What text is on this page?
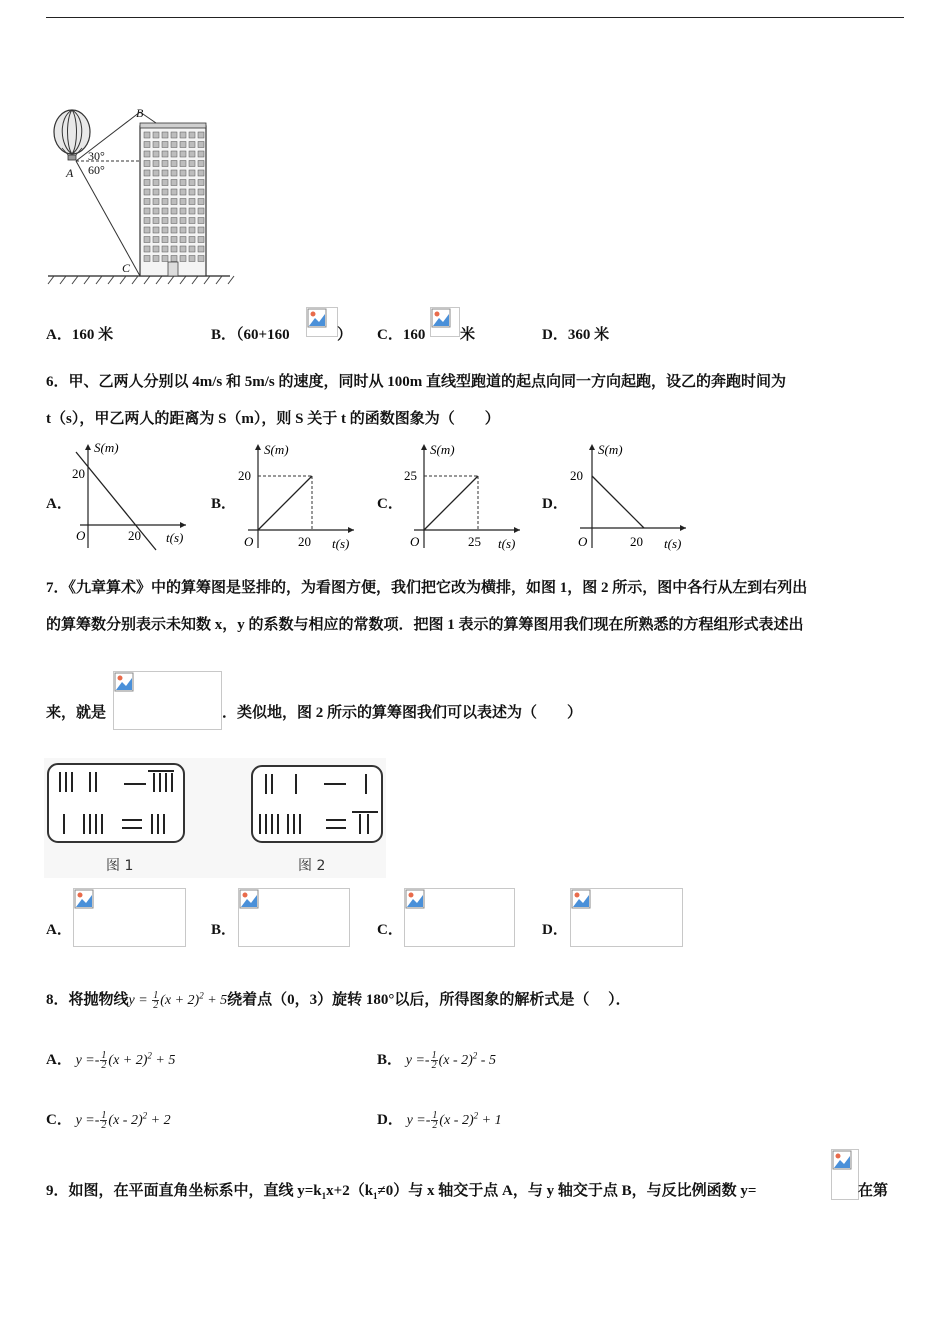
B
A
C
30°
60°
A．160 米	B．（60+160	） C．160 米	D．360 米
6．甲、乙两人分别以 4m/s 和 5m/s 的速度，同时从 100m 直线型跑道的起点向同一方向起跑，设乙的奔跑时间为
t（s），甲乙两人的距离为 S（m），则 S 关于 t 的函数图象为（　　）
A．
S(m)
t(s)
O
20
20
B．
S(m)
t(s)
O
20
20
C．
S(m)
t(s)
O
25
25
D．
S(m)
t(s)
O
20
20
7．《九章算术》中的算筹图是竖排的，为看图方便，我们把它改为横排，如图 1，图 2 所示，图中各行从左到右列出
的算筹数分别表示未知数 x，y 的系数与相应的常数项．把图 1 表示的算筹图用我们现在所熟悉的方程组形式表述出
来，就是	．类似地，图 2 所示的算筹图我们可以表述为（　　）
图 1	图 2
A．	B．	C．	D．
8．将抛物线$y = \frac{1}{2} (x + 2)^2 + 5$绕着点（0，3）旋转 180°以后，所得图象的解析式是（　 ）．
A． $y =- \frac{1}{2} (x + 2)^2 + 5$	B． $y =- \frac{1}{2} (x - 2)^2 - 5$
C． $y =- \frac{1}{2} (x - 2)^2 + 2$	D． $y =- \frac{1}{2} (x - 2)^2 + 1$
9．如图，在平面直角坐标系中，直线 $y=k_1x+2(k_1\ne 0)$与 x 轴交于点 A，与 y 轴交于点 B，与反比例函数 y=	在第
